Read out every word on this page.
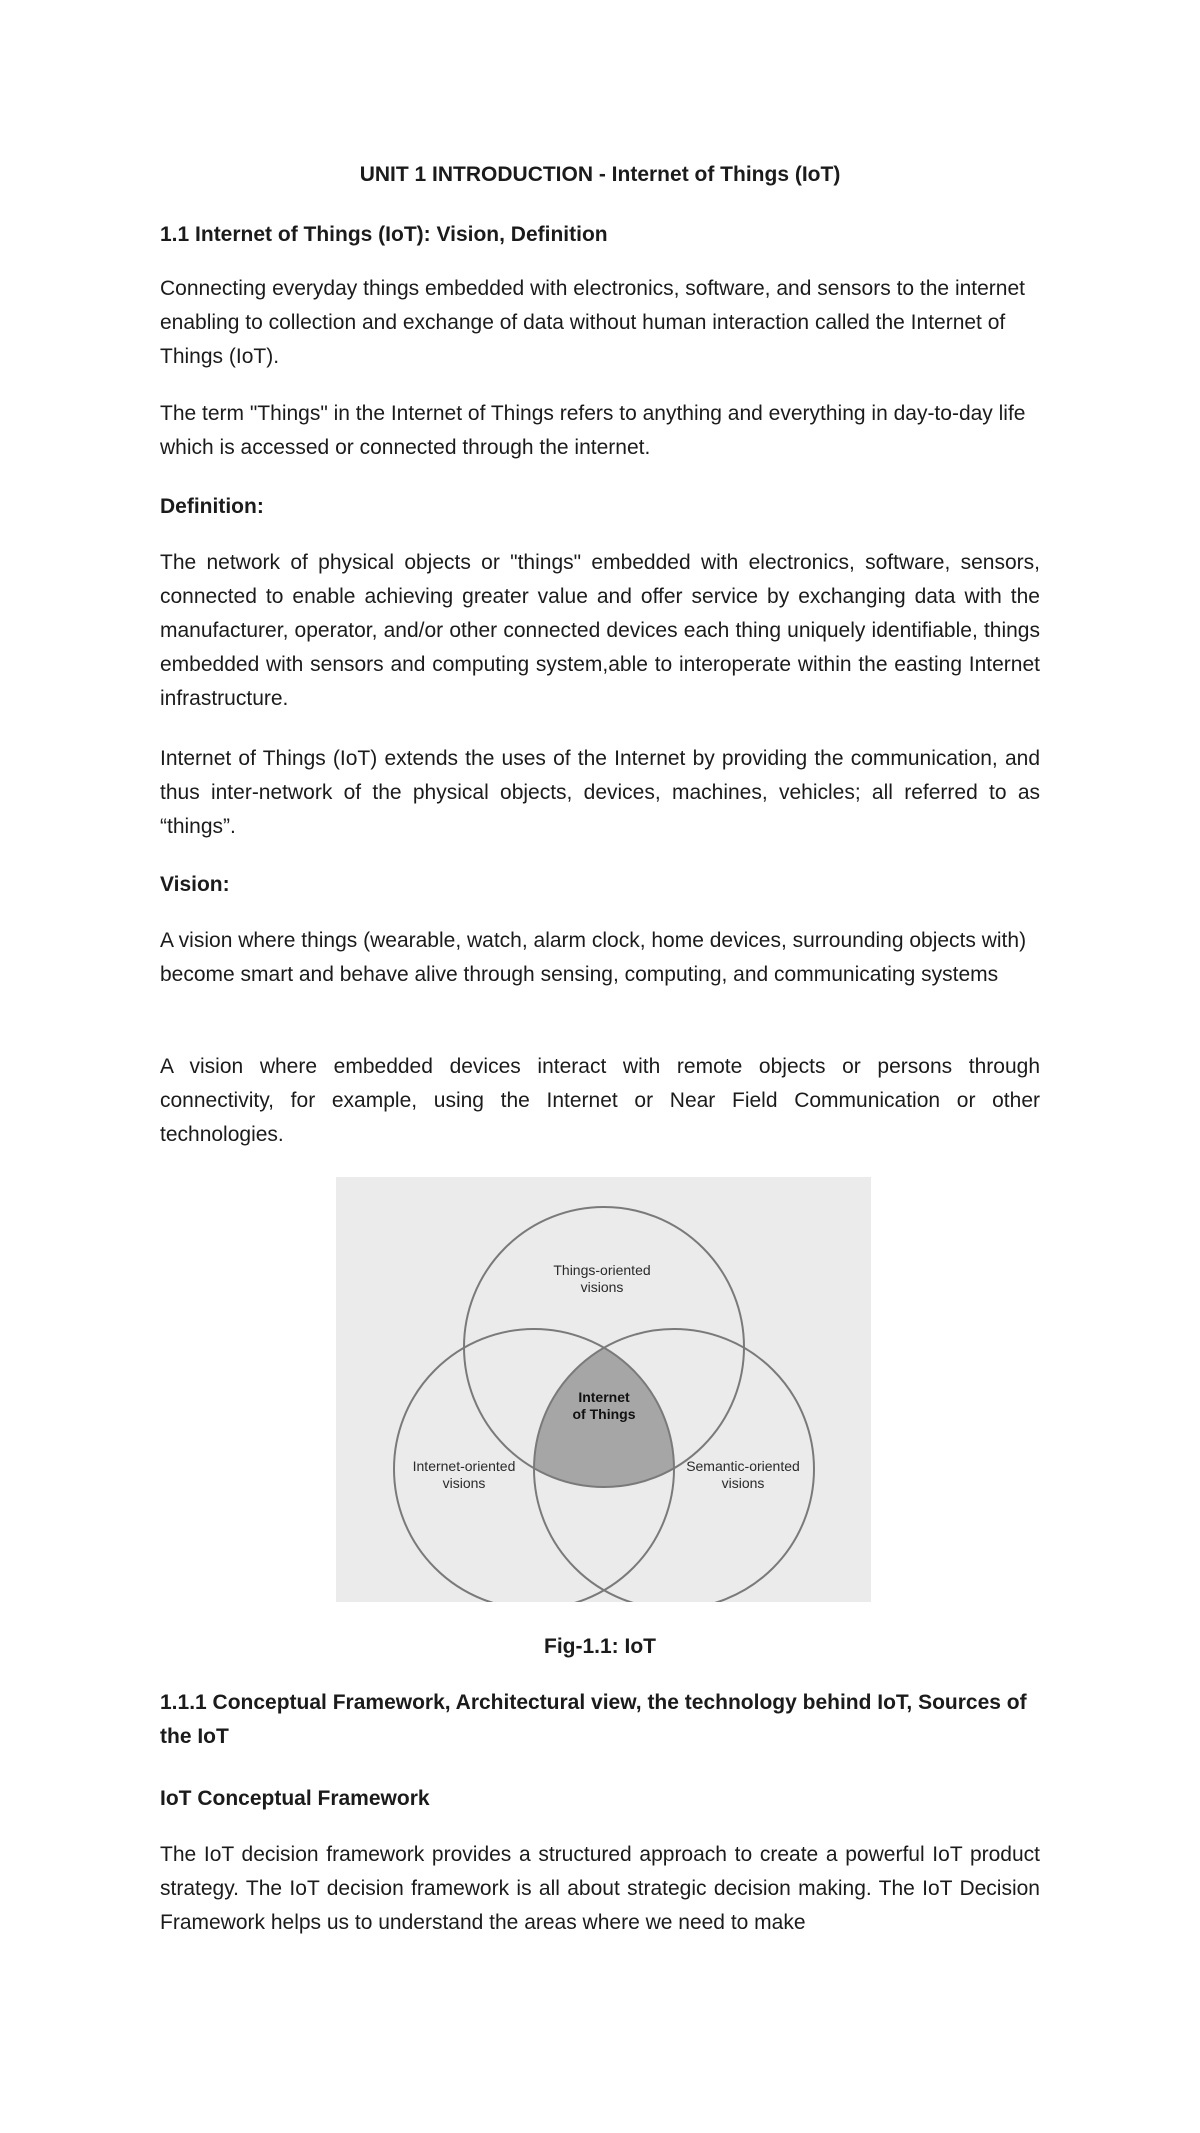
UNIT 1 INTRODUCTION - Internet of Things (IoT)
1.1 Internet of Things (IoT): Vision, Definition

Connecting everyday things embedded with electronics, software, and sensors to the internet enabling to collection and exchange of data without human interaction called the Internet of Things (IoT).

The term "Things" in the Internet of Things refers to anything and everything in day-to-day life which is accessed or connected through the internet.

Definition:

The network of physical objects or "things" embedded with electronics, software, sensors, connected to enable achieving greater value and offer service by exchanging data with the manufacturer, operator, and/or other connected devices each thing uniquely identifiable, things embedded with sensors and computing system,able to interoperate within the easting Internet infrastructure.

Internet of Things (IoT) extends the uses of the Internet by providing the communication, and thus inter-network of the physical objects, devices, machines, vehicles; all referred to as “things”.

Vision:

A vision where things (wearable, watch, alarm clock, home devices, surrounding objects with) become smart and behave alive through sensing, computing, and communicating systems

A vision where embedded devices interact with remote objects or persons through connectivity, for example, using the Internet or Near Field Communication or other technologies.

Things-oriented
visions
Internet
of Things
Internet-oriented
visions
Semantic-oriented
visions
Fig-1.1: IoT
1.1.1 Conceptual Framework, Architectural view, the technology behind IoT, Sources of the IoT
IoT Conceptual Framework

The IoT decision framework provides a structured approach to create a powerful IoT product strategy. The IoT decision framework is all about strategic decision making. The IoT Decision Framework helps us to understand the areas where we need to make
